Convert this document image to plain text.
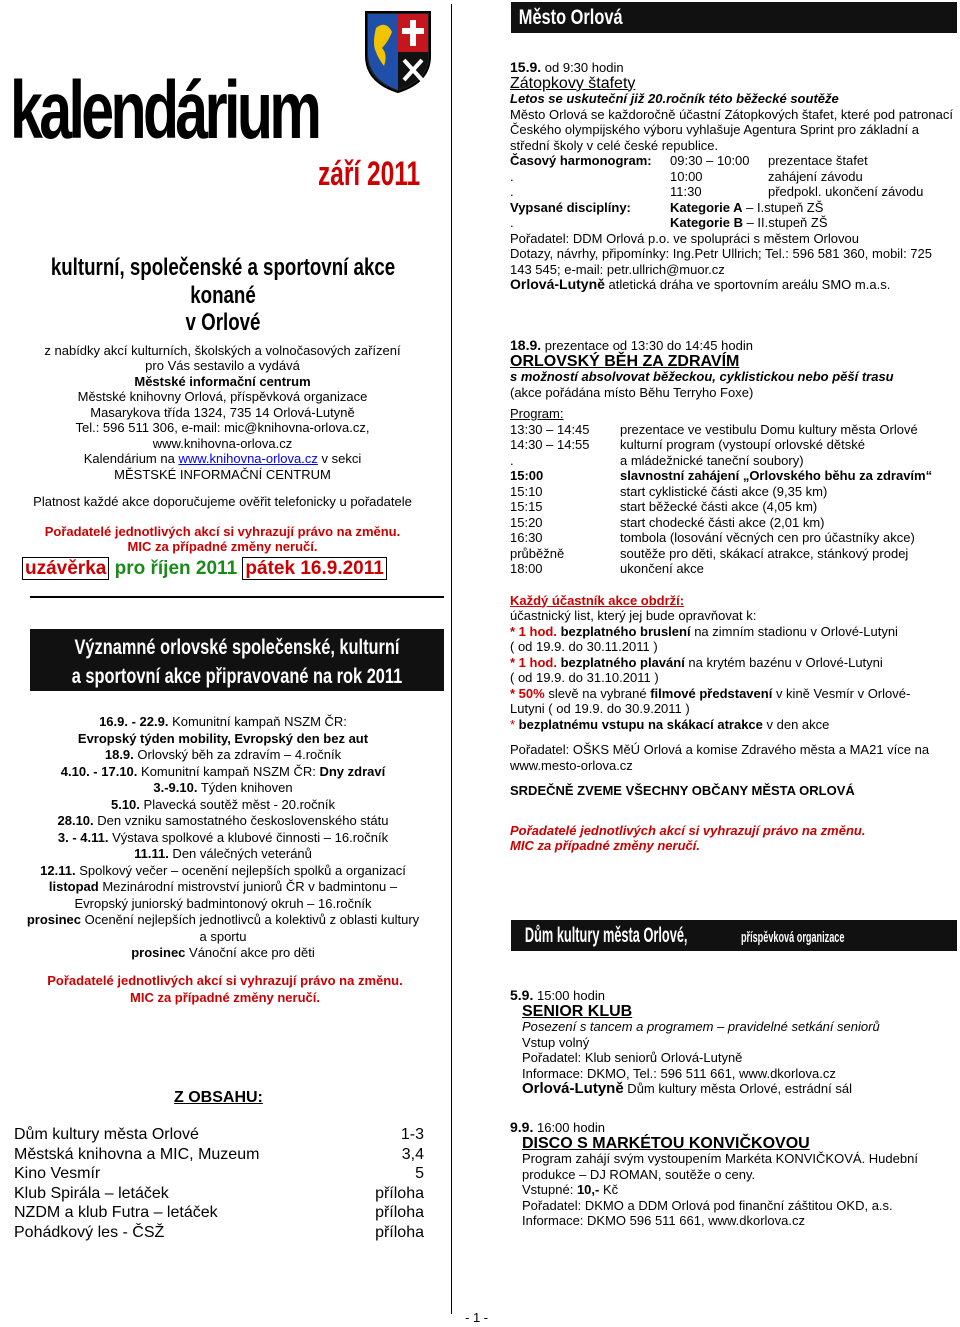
kalendárium
září 2011
kulturní, společenské a sportovní akce konané
v Orlové
z nabídky akcí kulturních, školských a volnočasových zařízení
pro Vás sestavilo a vydává
Městské informační centrum
Městské knihovny Orlová, příspěvková organizace
Masarykova třída 1324, 735 14 Orlová-Lutyně
Tel.: 596 511 306, e-mail: mic@knihovna-orlova.cz,
www.knihovna-orlova.cz
Kalendárium na www.knihovna-orlova.cz v sekci
MĚSTSKÉ INFORMAČNÍ CENTRUM
Platnost každé akce doporučujeme ověřit telefonicky u pořadatele
Pořadatelé jednotlivých akcí si vyhrazují právo na změnu.
MIC za případné změny neručí.
uzávěrka pro říjen 2011 pátek 16.9.2011
Významné orlovské společenské, kulturní
a sportovní akce připravované na rok 2011
16.9. - 22.9. Komunitní kampaň NSZM ČR:
Evropský týden mobility, Evropský den bez aut
18.9. Orlovský běh za zdravím – 4.ročník
4.10. - 17.10. Komunitní kampaň NSZM ČR: Dny zdraví
3.-9.10. Týden knihoven
5.10. Plavecká soutěž měst - 20.ročník
28.10. Den vzniku samostatného československého státu
3. - 4.11. Výstava spolkové a klubové činnosti – 16.ročník
11.11. Den válečných veteránů
12.11. Spolkový večer – ocenění nejlepších spolků a organizací
listopad Mezinárodní mistrovství juniorů ČR v badmintonu –
Evropský juniorský badmintonový okruh – 16.ročník
prosinec Ocenění nejlepších jednotlivců a kolektivů z oblasti kultury
a sportu
prosinec Vánoční akce pro děti
Pořadatelé jednotlivých akcí si vyhrazují právo na změnu.
MIC za případné změny neručí.
Z OBSAHU:
Dům kultury města Orlové	1-3
Městská knihovna a MIC, Muzeum	3,4
Kino Vesmír	5
Klub Spirála – letáček	příloha
NZDM a klub Futra – letáček	příloha
Pohádkový les - ČSŽ	příloha
Město Orlová
15.9. od 9:30 hodin
Zátopkovy štafety
Letos se uskuteční již 20.ročník této běžecké soutěže
Město Orlová se každoročně účastní Zátopkových štafet, které pod patronací Českého olympijského výboru vyhlašuje Agentura Sprint pro základní a střední školy v celé české republice.
Časový harmonogram:	09:30 – 10:00	prezentace štafet
.	10:00	zahájení závodu
.	11:30	předpokl. ukončení závodu
Vypsané disciplíny:	Kategorie A – I.stupeň ZŠ
.	Kategorie B – II.stupeň ZŠ
Pořadatel: DDM Orlová p.o. ve spolupráci s městem Orlovou
Dotazy, návrhy, připomínky: Ing.Petr Ullrich; Tel.: 596 581 360, mobil: 725 143 545; e-mail: petr.ullrich@muor.cz
Orlová-Lutyně atletická dráha ve sportovním areálu SMO m.a.s.
18.9. prezentace od 13:30 do 14:45 hodin
ORLOVSKÝ BĚH ZA ZDRAVÍM
s možností absolvovat běžeckou, cyklistickou nebo pěší trasu
(akce pořádána místo Běhu Terryho Foxe)
Program:
13:30 – 14:45	prezentace ve vestibulu Domu kultury města Orlové
14:30 – 14:55	kulturní program (vystoupí orlovské dětské
.	a mládežnické taneční soubory)
15:00	slavnostní zahájení „Orlovského běhu za zdravím“
15:10	start cyklistické části akce (9,35 km)
15:15	start běžecké části akce (4,05 km)
15:20	start chodecké části akce (2,01 km)
16:30	tombola (losování věcných cen pro účastníky akce)
průběžně	soutěže pro děti, skákací atrakce, stánkový prodej
18:00	ukončení akce
Každý účastník akce obdrží:
účastnický list, který jej bude opravňovat k:
* 1 hod. bezplatného bruslení na zimním stadionu v Orlové-Lutyni
( od 19.9. do 30.11.2011 )
* 1 hod. bezplatného plavání na krytém bazénu v Orlové-Lutyni
( od 19.9. do 31.10.2011 )
* 50% slevě na vybrané filmové představení v kině Vesmír v Orlové-
Lutyni ( od 19.9. do 30.9.2011 )
* bezplatnému vstupu na skákací atrakce v den akce
Pořadatel: OŠKS MěÚ Orlová a komise Zdravého města a MA21 více na www.mesto-orlova.cz
SRDEČNĚ ZVEME VŠECHNY OBČANY MĚSTA ORLOVÁ
Pořadatelé jednotlivých akcí si vyhrazují právo na změnu.
MIC za případné změny neručí.
Dům kultury města Orlové,	příspěvková organizace
5.9. 15:00 hodin
SENIOR KLUB
Posezení s tancem a programem – pravidelné setkání seniorů
Vstup volný
Pořadatel: Klub seniorů Orlová-Lutyně
Informace: DKMO, Tel.: 596 511 661, www.dkorlova.cz
Orlová-Lutyně Dům kultury města Orlové, estrádní sál
9.9. 16:00 hodin
DISCO S MARKÉTOU KONVIČKOVOU
Program zahájí svým vystoupením Markéta KONVIČKOVÁ. Hudební produkce – DJ ROMAN, soutěže o ceny.
Vstupné: 10,- Kč
Pořadatel: DKMO a DDM Orlová pod finanční záštitou OKD, a.s.
Informace: DKMO 596 511 661, www.dkorlova.cz
- 1 -
